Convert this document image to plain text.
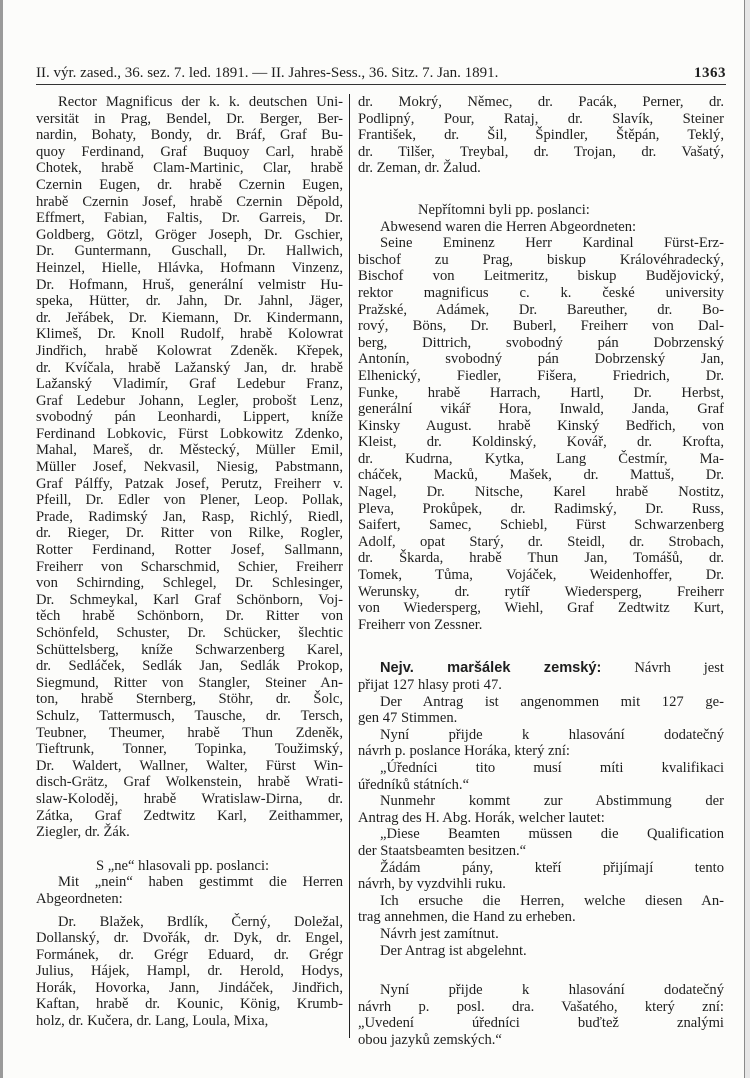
II. výr. zased., 36. sez. 7. led. 1891. — II. Jahres-Sess., 36. Sitz. 7. Jan. 1891.	1363
Rector Magnificus der k. k. deutschen Uni-
versität in Prag, Bendel, Dr. Berger, Ber-
nardin, Bohaty, Bondy, dr. Bráf, Graf Bu-
quoy Ferdinand, Graf Buquoy Carl, hrabě
Chotek, hrabě Clam-Martinic, Clar, hrabě
Czernin Eugen, dr. hrabě Czernin Eugen,
hrabě Czernin Josef, hrabě Czernin Děpold,
Effmert, Fabian, Faltis, Dr. Garreis, Dr.
Goldberg, Götzl, Gröger Joseph, Dr. Gschier,
Dr. Guntermann, Guschall, Dr. Hallwich,
Heinzel, Hielle, Hlávka, Hofmann Vinzenz,
Dr. Hofmann, Hruš, generální velmistr Hu-
speka, Hütter, dr. Jahn, Dr. Jahnl, Jäger,
dr. Jeřábek, Dr. Kiemann, Dr. Kindermann,
Klimeš, Dr. Knoll Rudolf, hrabě Kolowrat
Jindřich, hrabě Kolowrat Zdeněk. Křepek,
dr. Kvíčala, hrabě Lažanský Jan, dr. hrabě
Lažanský Vladimír, Graf Ledebur Franz,
Graf Ledebur Johann, Legler, probošt Lenz,
svobodný pán Leonhardi, Lippert, kníže
Ferdinand Lobkovic, Fürst Lobkowitz Zdenko,
Mahal, Mareš, dr. Městecký, Müller Emil,
Müller Josef, Nekvasil, Niesig, Pabstmann,
Graf Pálffy, Patzak Josef, Perutz, Freiherr v.
Pfeill, Dr. Edler von Plener, Leop. Pollak,
Prade, Radimský Jan, Rasp, Richlý, Riedl,
dr. Rieger, Dr. Ritter von Rilke, Rogler,
Rotter Ferdinand, Rotter Josef, Sallmann,
Freiherr von Scharschmid, Schier, Freiherr
von Schirnding, Schlegel, Dr. Schlesinger,
Dr. Schmeykal, Karl Graf Schönborn, Voj-
těch hrabě Schönborn, Dr. Ritter von
Schönfeld, Schuster, Dr. Schücker, šlechtic
Schüttelsberg, kníže Schwarzenberg Karel,
dr. Sedláček, Sedlák Jan, Sedlák Prokop,
Siegmund, Ritter von Stangler, Steiner An-
ton, hrabě Sternberg, Stöhr, dr. Šolc,
Schulz, Tattermusch, Tausche, dr. Tersch,
Teubner, Theumer, hrabě Thun Zdeněk,
Tieftrunk, Tonner, Topinka, Toužimský,
Dr. Waldert, Wallner, Walter, Fürst Win-
disch-Grätz, Graf Wolkenstein, hrabě Wrati-
slaw-Koloděj, hrabě Wratislaw-Dirna, dr.
Zátka, Graf Zedtwitz Karl, Zeithammer,
Ziegler, dr. Žák.
S „ne“ hlasovali pp. poslanci:
Mit „nein“ haben gestimmt die Herren
Abgeordneten:
Dr. Blažek, Brdlík, Černý, Doležal,
Dollanský, dr. Dvořák, dr. Dyk, dr. Engel,
Formánek, dr. Grégr Eduard, dr. Grégr
Julius, Hájek, Hampl, dr. Herold, Hodys,
Horák, Hovorka, Jann, Jindáček, Jindřich,
Kaftan, hrabě dr. Kounic, König, Krumb-
holz, dr. Kučera, dr. Lang, Loula, Mixa,
dr. Mokrý, Němec, dr. Pacák, Perner, dr.
Podlipný, Pour, Rataj, dr. Slavík, Steiner
František, dr. Šil, Špindler, Štěpán, Teklý,
dr. Tilšer, Treybal, dr. Trojan, dr. Vašatý,
dr. Zeman, dr. Žalud.
Nepřítomni byli pp. poslanci:
Abwesend waren die Herren Abgeordneten:
Seine Eminenz Herr Kardinal Fürst-Erz-
bischof zu Prag, biskup Královéhradecký,
Bischof von Leitmeritz, biskup Budějovický,
rektor magnificus c. k. české university
Pražské, Adámek, Dr. Bareuther, dr. Bo-
rový, Böns, Dr. Buberl, Freiherr von Dal-
berg, Dittrich, svobodný pán Dobrzenský
Antonín, svobodný pán Dobrzenský Jan,
Elhenický, Fiedler, Fišera, Friedrich, Dr.
Funke, hrabě Harrach, Hartl, Dr. Herbst,
generální vikář Hora, Inwald, Janda, Graf
Kinsky August. hrabě Kinský Bedřich, von
Kleist, dr. Koldinský, Kovář, dr. Krofta,
dr. Kudrna, Kytka, Lang Čestmír, Ma-
cháček, Macků, Mašek, dr. Mattuš, Dr.
Nagel, Dr. Nitsche, Karel hrabě Nostitz,
Pleva, Prokůpek, dr. Radimský, Dr. Russ,
Saifert, Samec, Schiebl, Fürst Schwarzenberg
Adolf, opat Starý, dr. Steidl, dr. Strobach,
dr. Škarda, hrabě Thun Jan, Tomášů, dr.
Tomek, Tůma, Vojáček, Weidenhoffer, Dr.
Werunsky, dr. rytíř Wiedersperg, Freiherr
von Wiedersperg, Wiehl, Graf Zedtwitz Kurt,
Freiherr von Zessner.
Nejv. maršálek zemský: Návrh jest
přijat 127 hlasy proti 47.
Der Antrag ist angenommen mit 127 ge-
gen 47 Stimmen.
Nyní přijde k hlasování dodatečný
návrh p. poslance Horáka, který zní:
„Úředníci tito musí míti kvalifikaci
úředníků státních.“
Nunmehr kommt zur Abstimmung der
Antrag des H. Abg. Horák, welcher lautet:
„Diese Beamten müssen die Qualification
der Staatsbeamten besitzen.“
Žádám pány, kteří přijímají tento
návrh, by vyzdvihli ruku.
Ich ersuche die Herren, welche diesen An-
trag annehmen, die Hand zu erheben.
Návrh jest zamítnut.
Der Antrag ist abgelehnt.
Nyní přijde k hlasování dodatečný
návrh p. posl. dra. Vašatého, který zní:
„Uvedení úředníci buďtež znalými
obou jazyků zemských.“
